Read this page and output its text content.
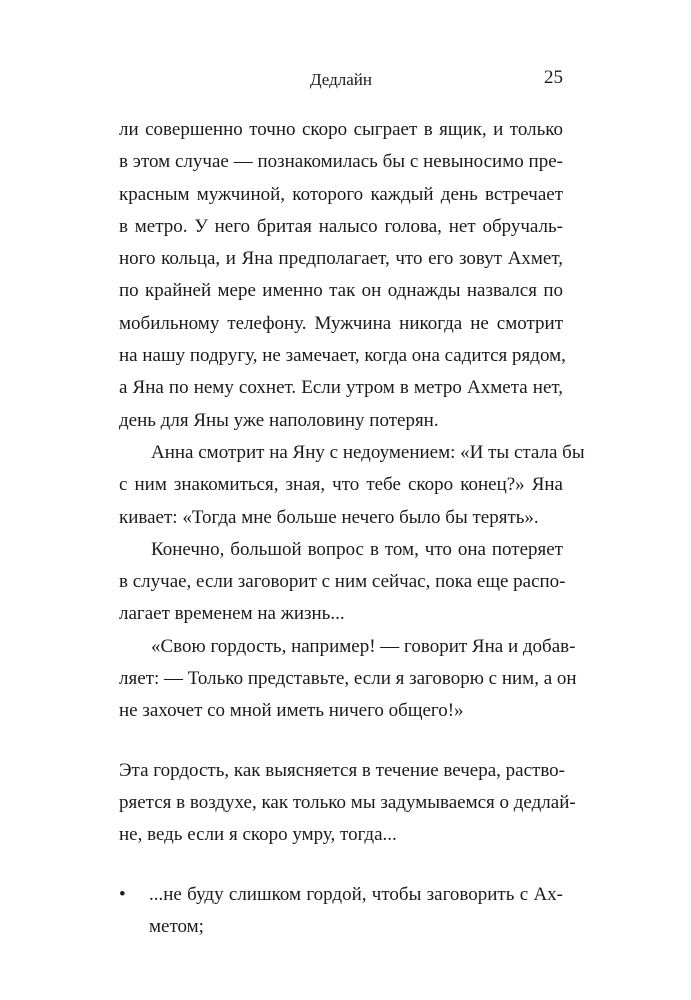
Дедлайн	25
ли совершенно точно скоро сыграет в ящик, и только
в этом случае — познакомилась бы с невыносимо пре-
красным мужчиной, которого каждый день встречает
в метро. У него бритая налысо голова, нет обручаль-
ного кольца, и Яна предполагает, что его зовут Ахмет,
по крайней мере именно так он однажды назвался по
мобильному телефону. Мужчина никогда не смотрит
на нашу подругу, не замечает, когда она садится рядом,
а Яна по нему сохнет. Если утром в метро Ахмета нет,
день для Яны уже наполовину потерян.
Анна смотрит на Яну с недоумением: «И ты стала бы
с ним знакомиться, зная, что тебе скоро конец?» Яна
кивает: «Тогда мне больше нечего было бы терять».
Конечно, большой вопрос в том, что она потеряет
в случае, если заговорит с ним сейчас, пока еще распо-
лагает временем на жизнь...
«Свою гордость, например! — говорит Яна и добав-
ляет: — Только представьте, если я заговорю с ним, а он
не захочет со мной иметь ничего общего!»
Эта гордость, как выясняется в течение вечера, раство-
ряется в воздухе, как только мы задумываемся о дедлай-
не, ведь если я скоро умру, тогда...
• ...не буду слишком гордой, чтобы заговорить с Ах-
метом;
